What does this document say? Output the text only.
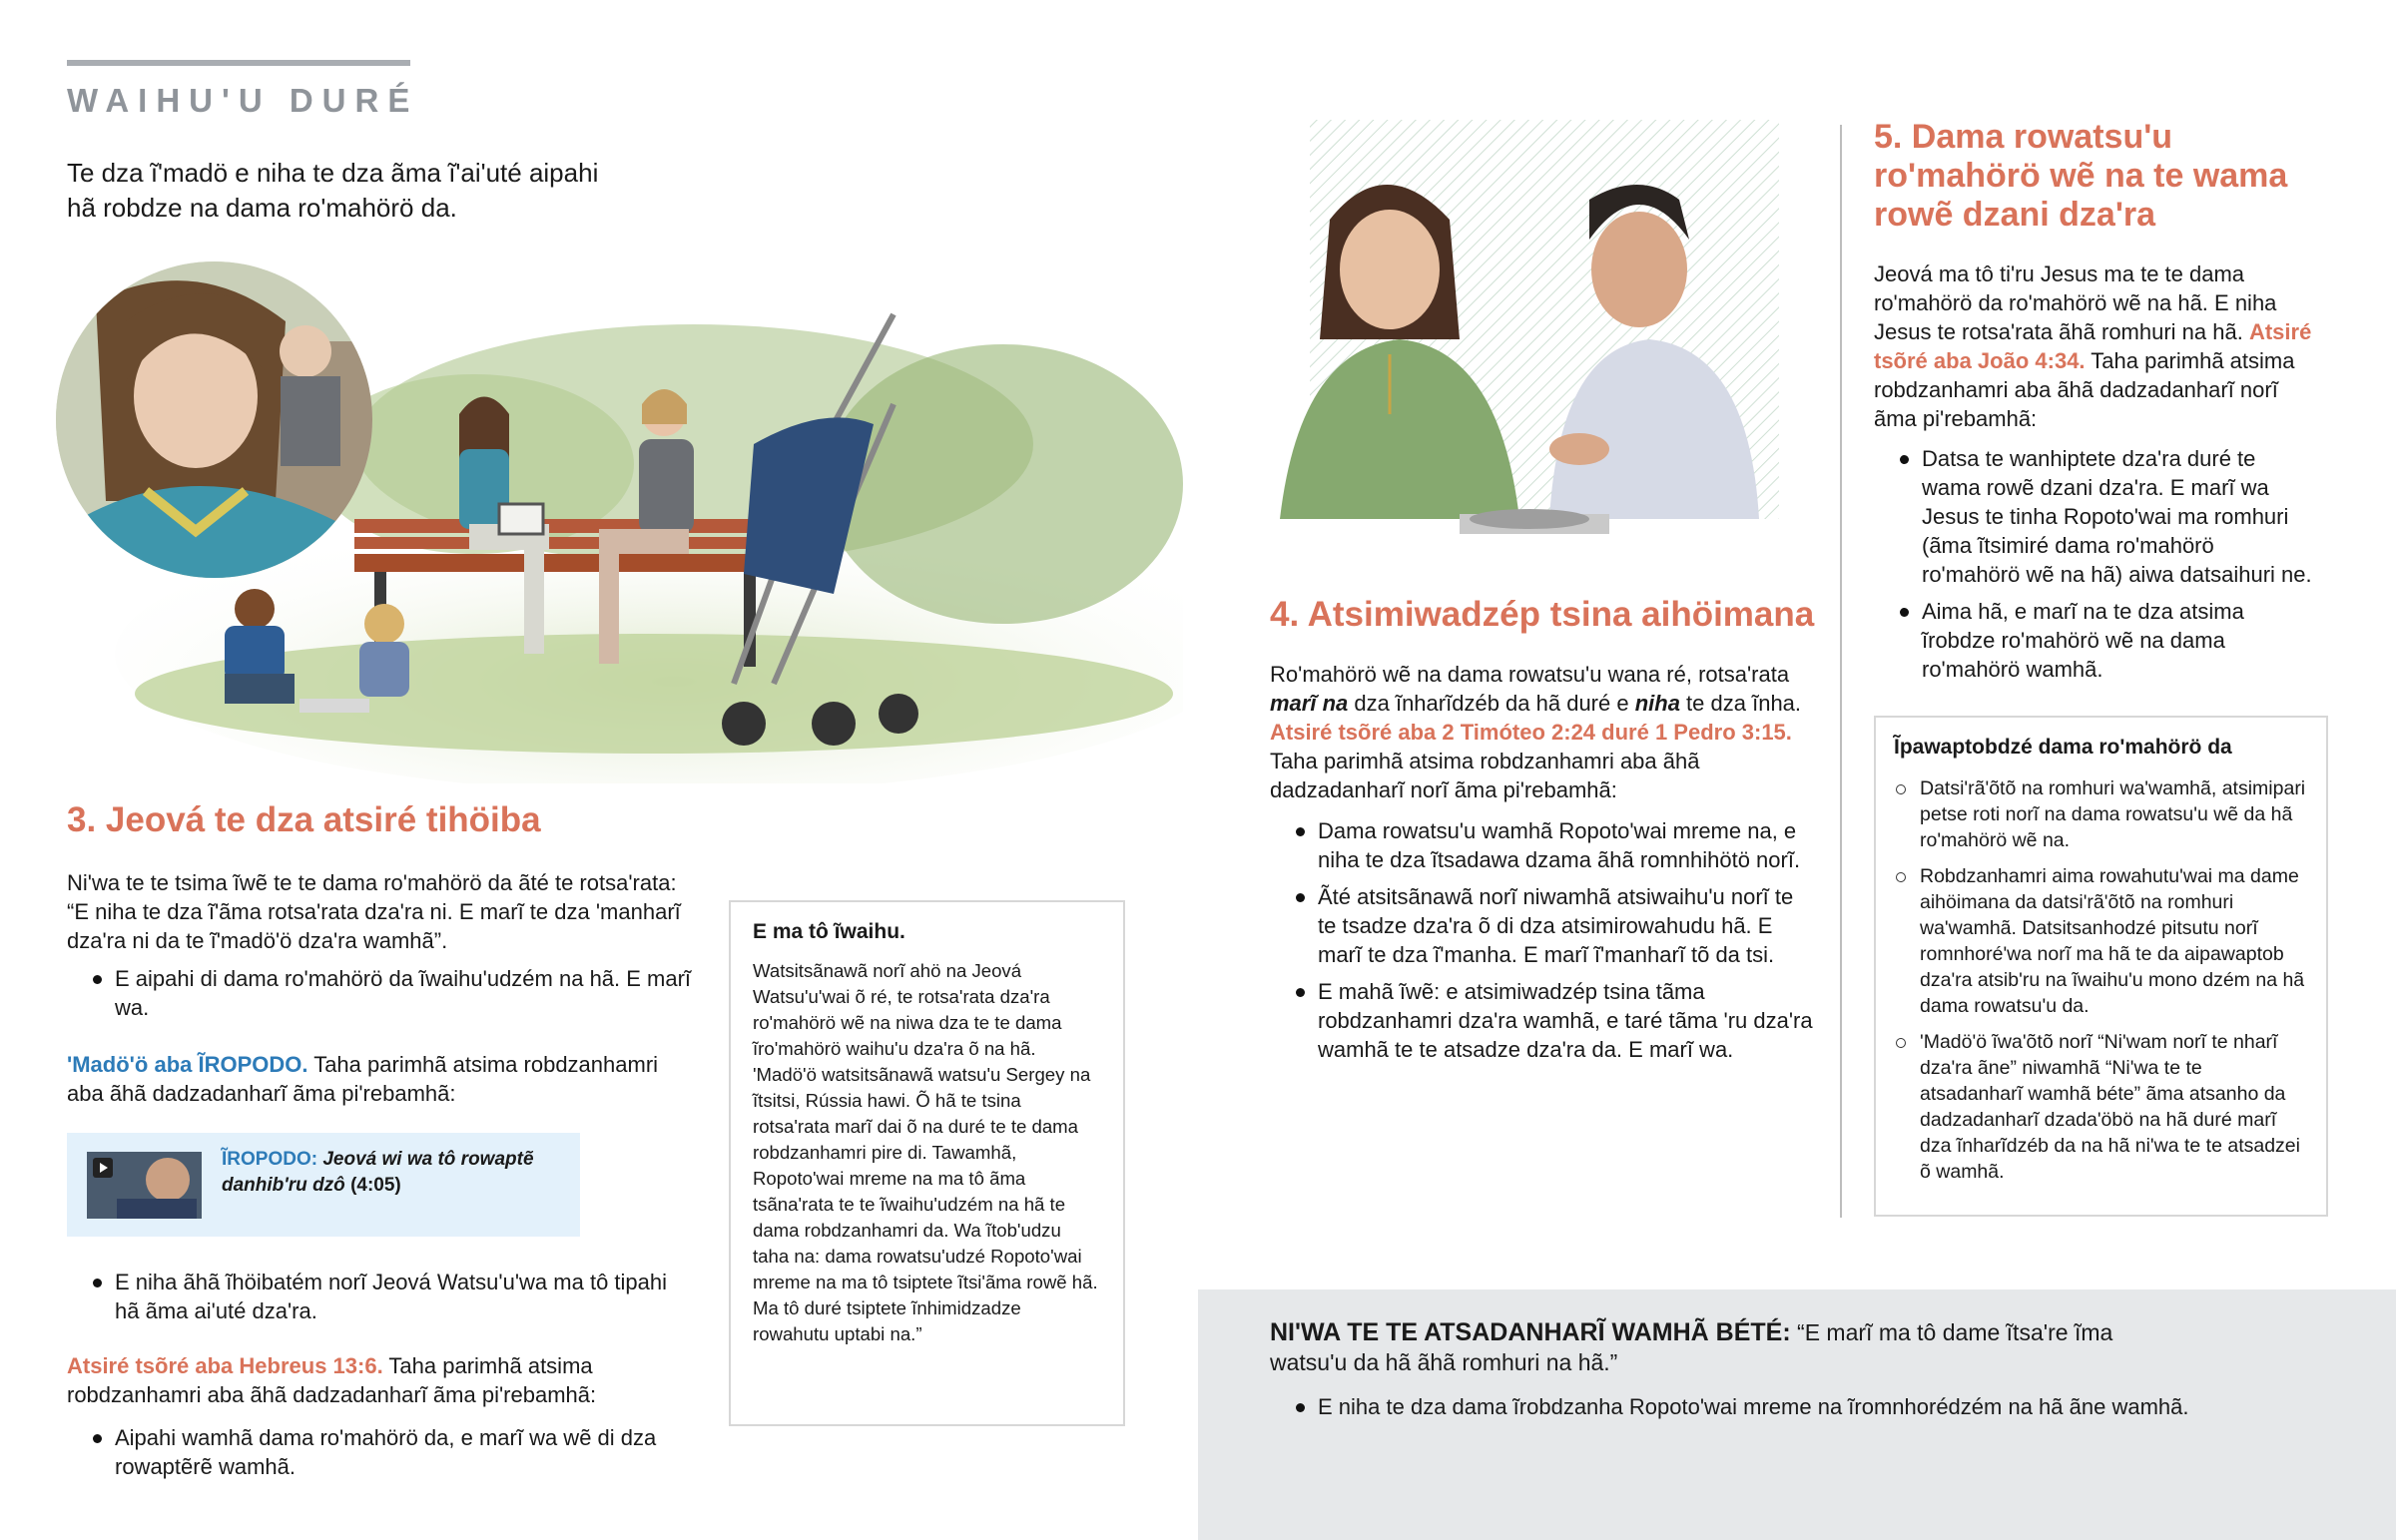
WAIHU'U DURÉ
Te dza ĩ'madö e niha te dza ãma ĩ'ai'uté aipahi hã robdze na dama ro'mahörö da.
3. Jeová te dza atsiré tihöiba
Ni'wa te te tsima ĩwẽ te te dama ro'mahörö da ãté te rotsa'rata: “E niha te dza ĩ'ãma rotsa'rata dza'ra ni. E marĩ te dza 'manharĩ dza'ra ni da te ĩ'madö'ö dza'ra wamhã”.
E aipahi di dama ro'mahörö da ĩwaihu'udzém na hã. E marĩ wa.
'Madö'ö aba ĨROPODO. Taha parimhã atsima robdzanhamri aba ãhã dadzadanharĩ ãma pi'rebamhã:
ĨROPODO: Jeová wi wa tô rowaptẽ danhib'ru dzô (4:05)
E niha ãhã ĩhöibatém norĩ Jeová Watsu'u'wa ma tô tipahi hã ãma ai'uté dza'ra.
Atsiré tsõré aba Hebreus 13:6. Taha parimhã atsima robdzanhamri aba ãhã dadzadanharĩ ãma pi'rebamhã:
Aipahi wamhã dama ro'mahörö da, e marĩ wa wẽ di dza rowaptẽrẽ wamhã.
E ma tô ĩwaihu.
Watsitsãnawã norĩ ahö na Jeová Watsu'u'wai õ ré, te rotsa'rata dza'ra ro'mahörö wẽ na niwa dza te te dama ĩro'mahörö waihu'u dza'ra õ na hã. 'Madö'ö watsitsãnawã watsu'u Sergey na ĩtsitsi, Rússia hawi. Õ hã te tsina rotsa'rata marĩ dai õ na duré te te dama robdzanhamri pire di. Tawamhã, Ropoto'wai mreme na ma tô ãma tsãna'rata te te ĩwaihu'udzém na hã te dama robdzanhamri da. Wa ĩtob'udzu taha na: dama rowatsu'udzé Ropoto'wai mreme na ma tô tsiptete ĩtsi'ãma rowẽ hã. Ma tô duré tsiptete ĩnhimidzadze rowahutu uptabi na.”
4. Atsimiwadzép tsina aihöimana
Ro'mahörö wẽ na dama rowatsu'u wana ré, rotsa'rata marĩ na dza ĩnharĩdzéb da hã duré e niha te dza ĩnha. Atsiré tsõré aba 2 Timóteo 2:24 duré 1 Pedro 3:15. Taha parimhã atsima robdzanhamri aba ãhã dadzadanharĩ norĩ ãma pi'rebamhã:
Dama rowatsu'u wamhã Ropoto'wai mreme na, e niha te dza ĩtsadawa dzama ãhã romnhihötö norĩ.
Ãté atsitsãnawã norĩ niwamhã atsiwaihu'u norĩ te te tsadze dza'ra õ di dza atsimirowahudu hã. E marĩ te dza ĩ'manha. E marĩ ĩ'manharĩ tõ da tsi.
E mahã ĩwẽ: e atsimiwadzép tsina tãma robdzanhamri dza'ra wamhã, e taré tãma 'ru dza'ra wamhã te te atsadze dza'ra da. E marĩ wa.
5. Dama rowatsu'u ro'mahörö wẽ na te wama rowẽ dzani dza'ra
Jeová ma tô ti'ru Jesus ma te te dama ro'mahörö da ro'mahörö wẽ na hã. E niha Jesus te rotsa'rata ãhã romhuri na hã. Atsiré tsõré aba João 4:34. Taha parimhã atsima robdzanhamri aba ãhã dadzadanharĩ norĩ ãma pi'rebamhã:
Datsa te wanhiptete dza'ra duré te wama rowẽ dzani dza'ra. E marĩ wa Jesus te tinha Ropoto'wai ma romhuri (ãma ĩtsimiré dama ro'mahörö ro'mahörö wẽ na hã) aiwa datsaihuri ne.
Aima hã, e marĩ na te dza atsima ĩrobdze ro'mahörö wẽ na dama ro'mahörö wamhã.
Ĩpawaptobdzé dama ro'mahörö da
Datsi'rã'õtõ na romhuri wa'wamhã, atsimipari petse roti norĩ na dama rowatsu'u wẽ da hã ro'mahörö wẽ na.
Robdzanhamri aima rowahutu'wai ma dame aihöimana da datsi'rã'õtõ na romhuri wa'wamhã. Datsitsanhodzé pitsutu norĩ romnhoré'wa norĩ ma hã te da aipawaptob dza'ra atsib'ru na ĩwaihu'u mono dzém na hã dama rowatsu'u da.
'Madö'ö ĩwa'õtõ norĩ “Ni'wam norĩ te nharĩ dza'ra ãne” niwamhã “Ni'wa te te atsadanharĩ wamhã béte” ãma atsanho da dadzadanharĩ dzada'öbö na hã duré marĩ dza ĩnharĩdzéb da na hã ni'wa te te atsadzei õ wamhã.
NI'WA TE TE ATSADANHARĨ WAMHÃ BÉTÉ: “E marĩ ma tô dame ĩtsa're ĩma watsu'u da hã ãhã romhuri na hã.”
E niha te dza dama ĩrobdzanha Ropoto'wai mreme na ĩromnhorédzém na hã ãne wamhã.
